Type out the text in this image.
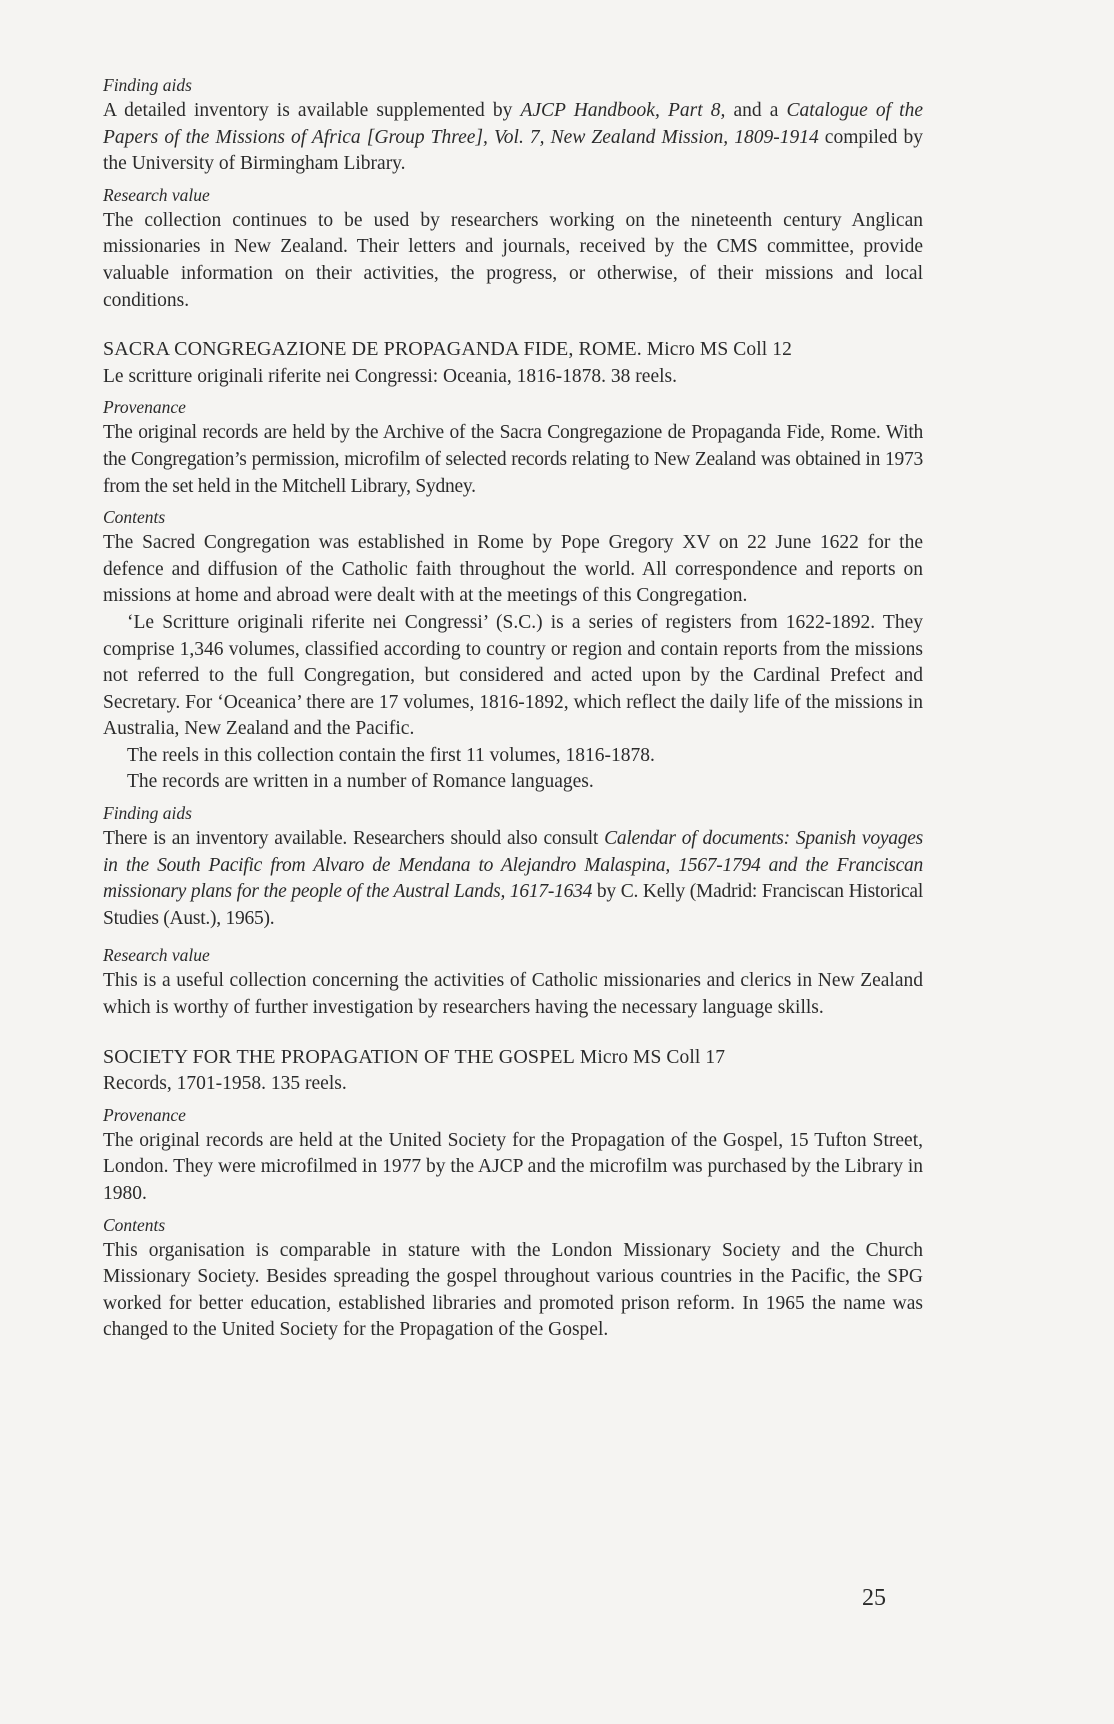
Finding aids

A detailed inventory is available supplemented by AJCP Handbook, Part 8, and a Catalogue of the Papers of the Missions of Africa [Group Three], Vol. 7, New Zealand Mission, 1809-1914 compiled by the University of Birmingham Library.

Research value

The collection continues to be used by researchers working on the nineteenth century Anglican missionaries in New Zealand. Their letters and journals, received by the CMS committee, provide valuable information on their activities, the progress, or otherwise, of their missions and local conditions.

SACRA CONGREGAZIONE DE PROPAGANDA FIDE, ROME. Micro MS Coll 12

Le scritture originali riferite nei Congressi: Oceania, 1816-1878. 38 reels.

Provenance

The original records are held by the Archive of the Sacra Congregazione de Propaganda Fide, Rome. With the Congregation’s permission, microfilm of selected records relating to New Zealand was obtained in 1973 from the set held in the Mitchell Library, Sydney.

Contents

The Sacred Congregation was established in Rome by Pope Gregory XV on 22 June 1622 for the defence and diffusion of the Catholic faith throughout the world. All correspondence and reports on missions at home and abroad were dealt with at the meetings of this Congregation.

‘Le Scritture originali riferite nei Congressi’ (S.C.) is a series of registers from 1622-1892. They comprise 1,346 volumes, classified according to country or region and contain reports from the missions not referred to the full Congregation, but considered and acted upon by the Cardinal Prefect and Secretary. For ‘Oceanica’ there are 17 volumes, 1816-1892, which reflect the daily life of the missions in Australia, New Zealand and the Pacific.

The reels in this collection contain the first 11 volumes, 1816-1878.

The records are written in a number of Romance languages.

Finding aids

There is an inventory available. Researchers should also consult Calendar of documents: Spanish voyages in the South Pacific from Alvaro de Mendana to Alejandro Malaspina, 1567-1794 and the Franciscan missionary plans for the people of the Austral Lands, 1617-1634 by C. Kelly (Madrid: Franciscan Historical Studies (Aust.), 1965).

Research value

This is a useful collection concerning the activities of Catholic missionaries and clerics in New Zealand which is worthy of further investigation by researchers having the necessary language skills.

SOCIETY FOR THE PROPAGATION OF THE GOSPEL Micro MS Coll 17

Records, 1701-1958. 135 reels.

Provenance

The original records are held at the United Society for the Propagation of the Gospel, 15 Tufton Street, London. They were microfilmed in 1977 by the AJCP and the microfilm was purchased by the Library in 1980.

Contents

This organisation is comparable in stature with the London Missionary Society and the Church Missionary Society. Besides spreading the gospel throughout various countries in the Pacific, the SPG worked for better education, established libraries and promoted prison reform. In 1965 the name was changed to the United Society for the Propagation of the Gospel.

25
